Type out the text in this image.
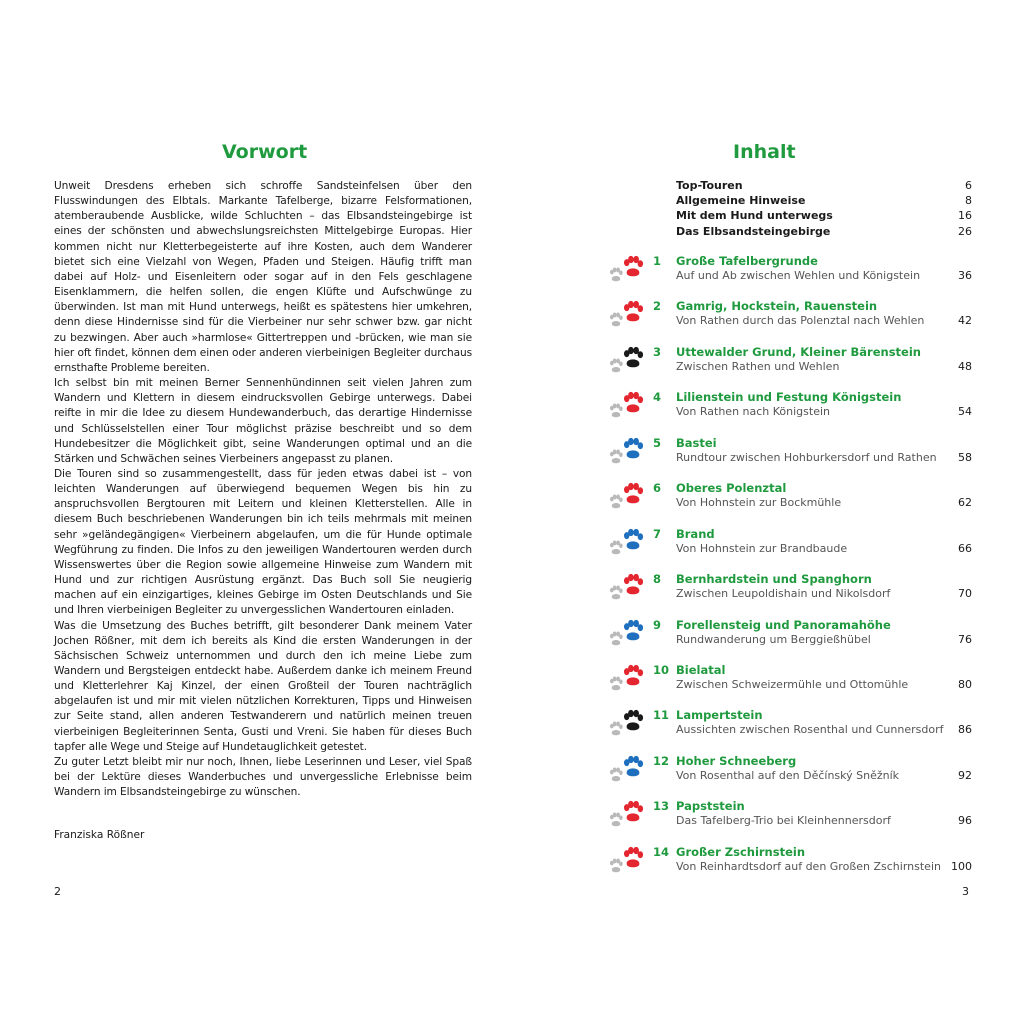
Vorwort

Unweit Dresdens erheben sich schroffe Sandsteinfelsen über den Flusswindungen des Elbtals. Markante Tafelberge, bizarre Felsformationen, atemberaubende Ausblicke, wilde Schluchten – das Elbsandsteingebirge ist eines der schönsten und abwechslungsreichsten Mittelgebirge Europas. Hier kommen nicht nur Kletterbegeisterte auf ihre Kosten, auch dem Wanderer bietet sich eine Vielzahl von Wegen, Pfaden und Steigen. Häufig trifft man dabei auf Holz- und Eisenleitern oder sogar auf in den Fels geschlagene Eisenklammern, die helfen sollen, die engen Klüfte und Aufschwünge zu überwinden. Ist man mit Hund unterwegs, heißt es spätestens hier umkehren, denn diese Hindernisse sind für die Vierbeiner nur sehr schwer bzw. gar nicht zu bezwingen. Aber auch »harmlose« Gittertreppen und -brücken, wie man sie hier oft findet, können dem einen oder anderen vierbeinigen Begleiter durchaus ernsthafte Probleme bereiten.

Ich selbst bin mit meinen Berner Sennenhündinnen seit vielen Jahren zum Wandern und Klettern in diesem eindrucksvollen Gebirge unterwegs. Dabei reifte in mir die Idee zu diesem Hundewanderbuch, das derartige Hindernisse und Schlüsselstellen einer Tour möglichst präzise beschreibt und so dem Hundebesitzer die Möglichkeit gibt, seine Wanderungen optimal und an die Stärken und Schwächen seines Vierbeiners angepasst zu planen.

Die Touren sind so zusammengestellt, dass für jeden etwas dabei ist – von leichten Wanderungen auf überwiegend bequemen Wegen bis hin zu anspruchsvollen Bergtouren mit Leitern und kleinen Kletterstellen. Alle in diesem Buch beschriebenen Wanderungen bin ich teils mehrmals mit meinen sehr »geländegängigen« Vierbeinern abgelaufen, um die für Hunde optimale Wegführung zu finden. Die Infos zu den jeweiligen Wandertouren werden durch Wissenswertes über die Region sowie allgemeine Hinweise zum Wandern mit Hund und zur richtigen Ausrüstung ergänzt. Das Buch soll Sie neugierig machen auf ein einzigartiges, kleines Gebirge im Osten Deutschlands und Sie und Ihren vierbeinigen Begleiter zu unvergesslichen Wandertouren einladen.

Was die Umsetzung des Buches betrifft, gilt besonderer Dank meinem Vater Jochen Rößner, mit dem ich bereits als Kind die ersten Wanderungen in der Sächsischen Schweiz unternommen und durch den ich meine Liebe zum Wandern und Bergsteigen entdeckt habe. Außerdem danke ich meinem Freund und Kletterlehrer Kaj Kinzel, der einen Großteil der Touren nachträglich abgelaufen ist und mir mit vielen nützlichen Korrekturen, Tipps und Hinweisen zur Seite stand, allen anderen Testwanderern und natürlich meinen treuen vierbeinigen Begleiterinnen Senta, Gusti und Vreni. Sie haben für dieses Buch tapfer alle Wege und Steige auf Hundetauglichkeit getestet.

Zu guter Letzt bleibt mir nur noch, Ihnen, liebe Leserinnen und Leser, viel Spaß bei der Lektüre dieses Wanderbuches und unvergessliche Erlebnisse beim Wandern im Elbsandsteingebirge zu wünschen.

Franziska Rößner
2
Inhalt
Top-Touren	6
Allgemeine Hinweise	8
Mit dem Hund unterwegs	16
Das Elbsandsteingebirge	26
1 Große Tafelbergrunde
Auf und Ab zwischen Wehlen und Königstein	36
2 Gamrig, Hockstein, Rauenstein
Von Rathen durch das Polenztal nach Wehlen	42
3 Uttewalder Grund, Kleiner Bärenstein
Zwischen Rathen und Wehlen	48
4 Lilienstein und Festung Königstein
Von Rathen nach Königstein	54
5 Bastei
Rundtour zwischen Hohburkersdorf und Rathen 58
6 Oberes Polenztal
Von Hohnstein zur Bockmühle	62
7 Brand
Von Hohnstein zur Brandbaude	66
8 Bernhardstein und Spanghorn
Zwischen Leupoldishain und Nikolsdorf	70
9 Forellensteig und Panoramahöhe
Rundwanderung um Berggießhübel	76
10 Bielatal
Zwischen Schweizermühle und Ottomühle	80
11 Lampertstein
Aussichten zwischen Rosenthal und Cunnersdorf 86
12 Hoher Schneeberg
Von Rosenthal auf den Děčínský Sněžník	92
13 Papststein
Das Tafelberg-Trio bei Kleinhennersdorf	96
14 Großer Zschirnstein
Von Reinhardtsdorf auf den Großen Zschirnstein 100
3
